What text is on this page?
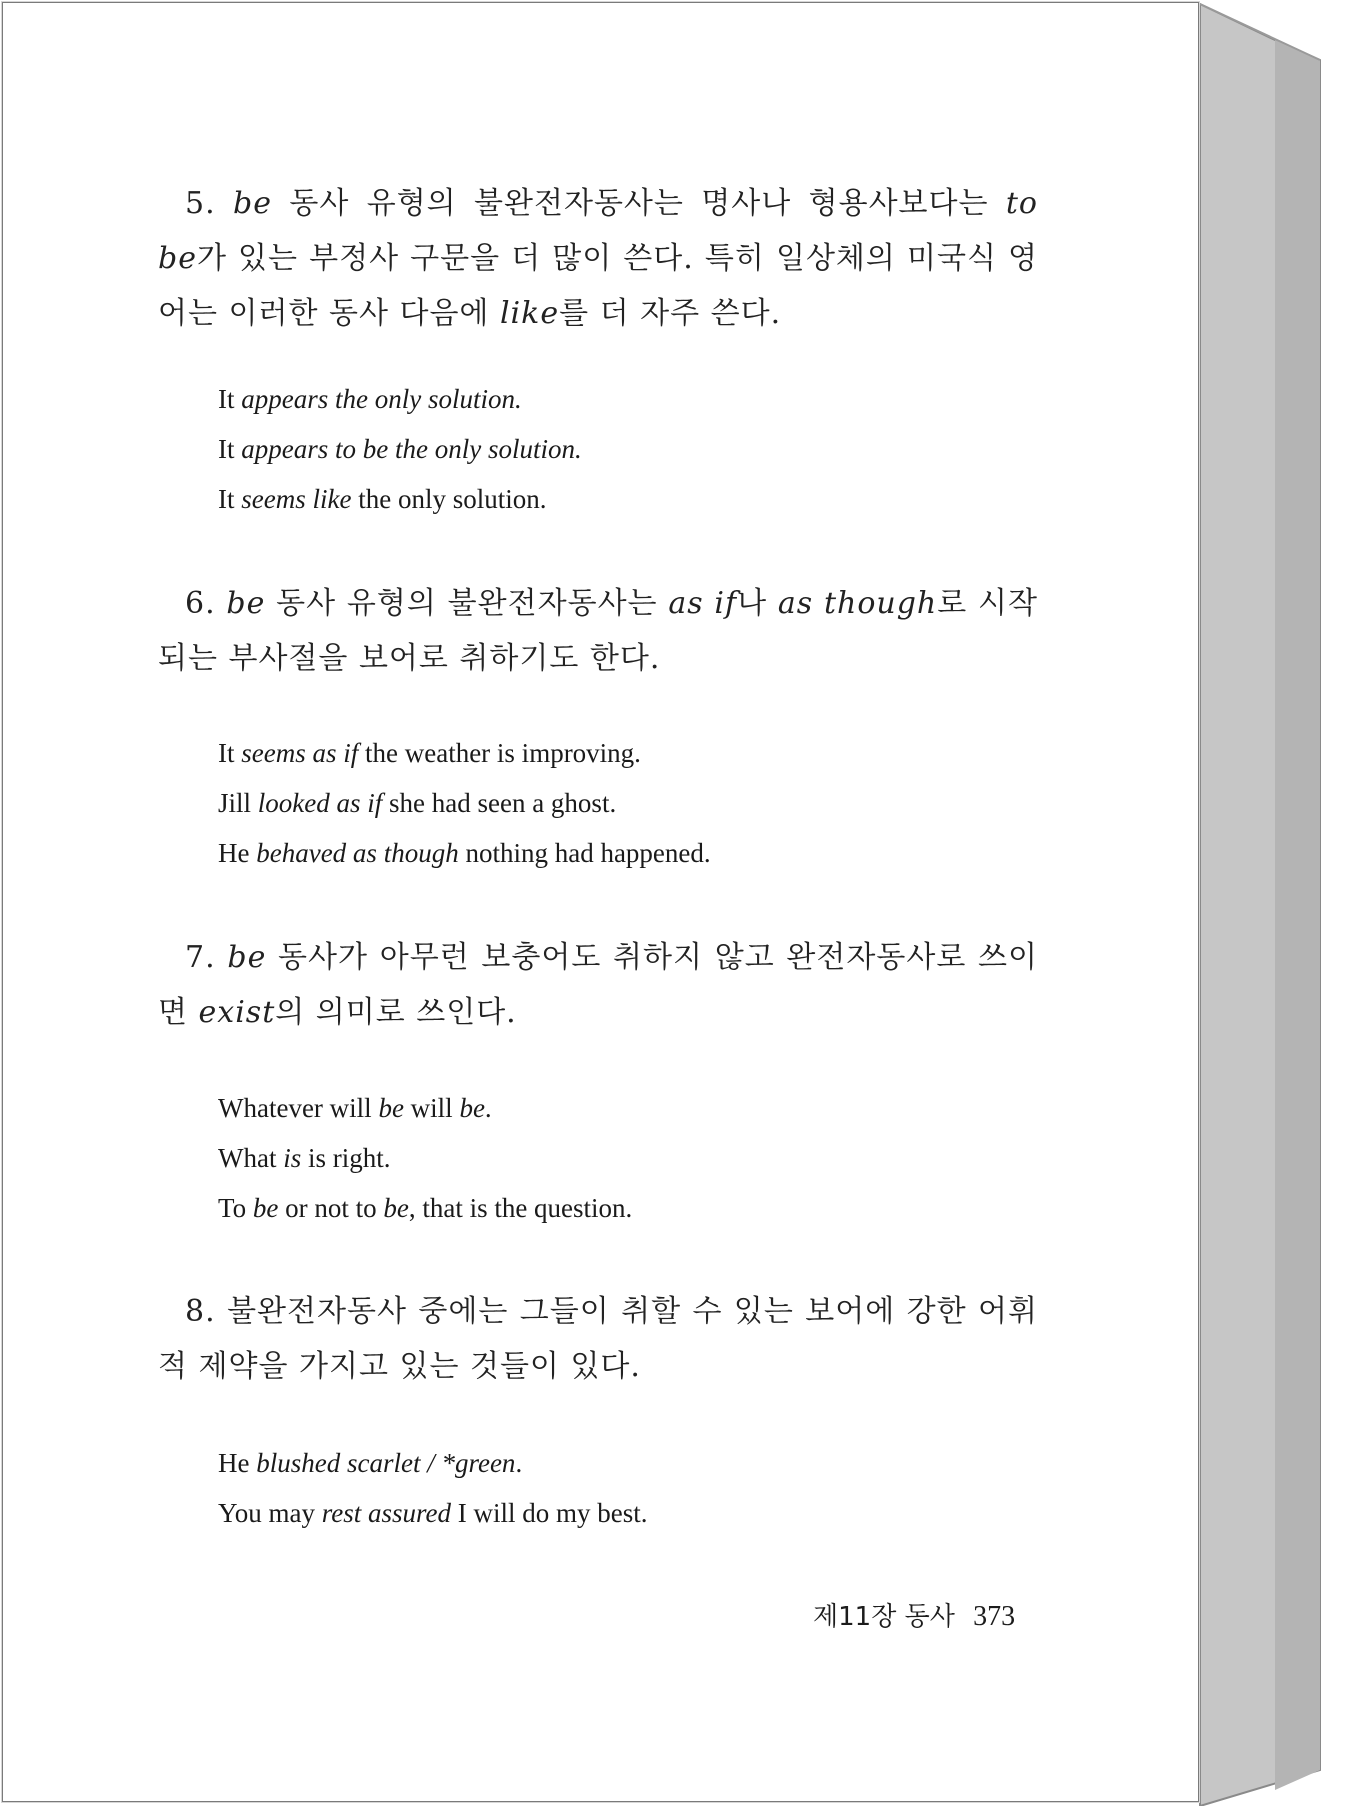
5. be 동사 유형의 불완전자동사는 명사나 형용사보다는 to be가 있는 부정사 구문을 더 많이 쓴다. 특히 일상체의 미국식 영어는 이러한 동사 다음에 like를 더 자주 쓴다.
It appears the only solution.
It appears to be the only solution.
It seems like the only solution.
6. be 동사 유형의 불완전자동사는 as if나 as though로 시작되는 부사절을 보어로 취하기도 한다.
It seems as if the weather is improving.
Jill looked as if she had seen a ghost.
He behaved as though nothing had happened.
7. be 동사가 아무런 보충어도 취하지 않고 완전자동사로 쓰이면 exist의 의미로 쓰인다.
Whatever will be will be.
What is is right.
To be or not to be, that is the question.
8. 불완전자동사 중에는 그들이 취할 수 있는 보어에 강한 어휘적 제약을 가지고 있는 것들이 있다.
He blushed scarlet / *green.
You may rest assured I will do my best.
제11장 동사 373
